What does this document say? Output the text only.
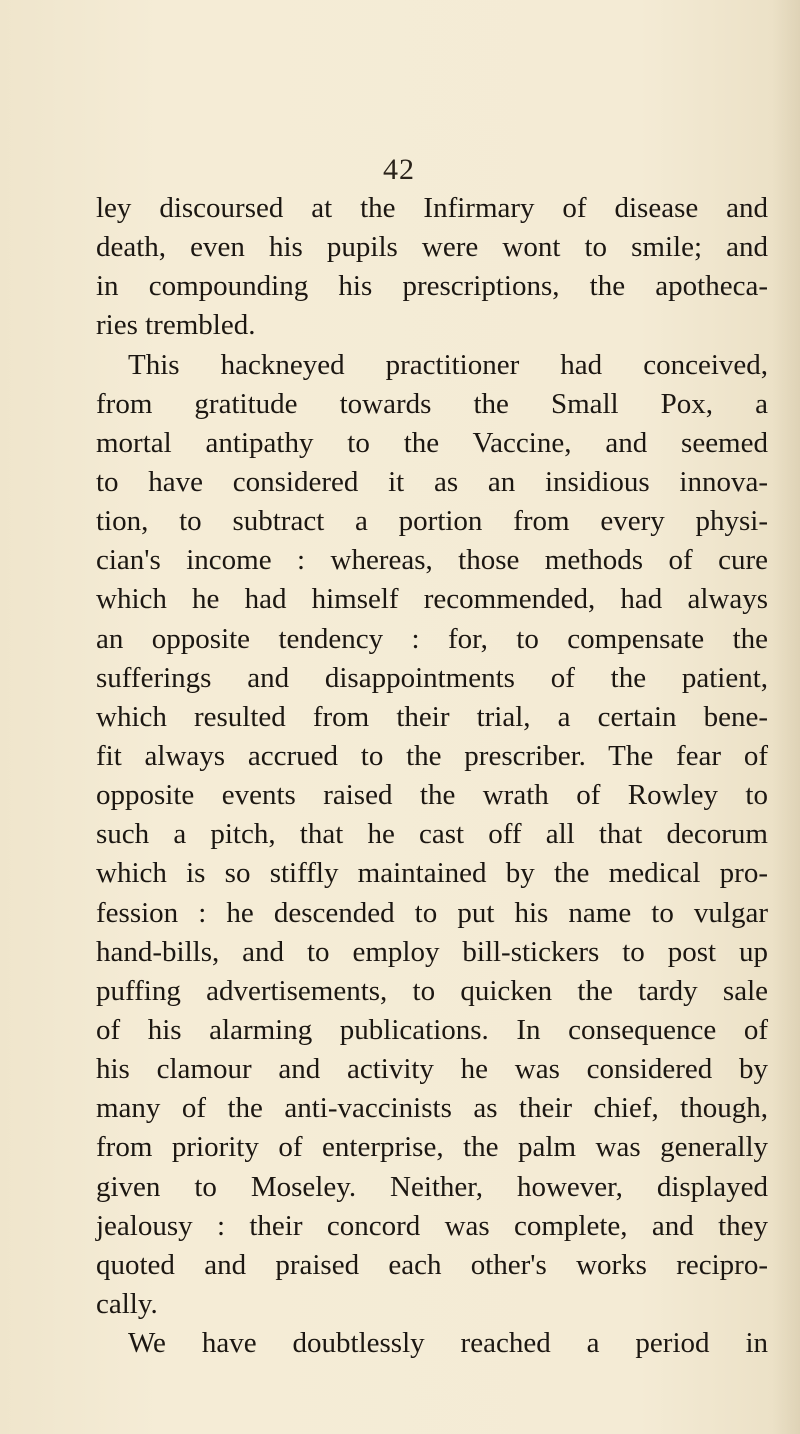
42
ley discoursed at the Infirmary of disease and
death, even his pupils were wont to smile; and
in compounding his prescriptions, the apotheca-
ries trembled.
This hackneyed practitioner had conceived,
from gratitude towards the Small Pox, a
mortal antipathy to the Vaccine, and seemed
to have considered it as an insidious innova-
tion, to subtract a portion from every physi-
cian's income : whereas, those methods of cure
which he had himself recommended, had always
an opposite tendency : for, to compensate the
sufferings and disappointments of the patient,
which resulted from their trial, a certain bene-
fit always accrued to the prescriber. The fear of
opposite events raised the wrath of Rowley to
such a pitch, that he cast off all that decorum
which is so stiffly maintained by the medical pro-
fession : he descended to put his name to vulgar
hand-bills, and to employ bill-stickers to post up
puffing advertisements, to quicken the tardy sale
of his alarming publications. In consequence of
his clamour and activity he was considered by
many of the anti-vaccinists as their chief, though,
from priority of enterprise, the palm was generally
given to Moseley. Neither, however, displayed
jealousy : their concord was complete, and they
quoted and praised each other's works recipro-
cally.
We have doubtlessly reached a period in
